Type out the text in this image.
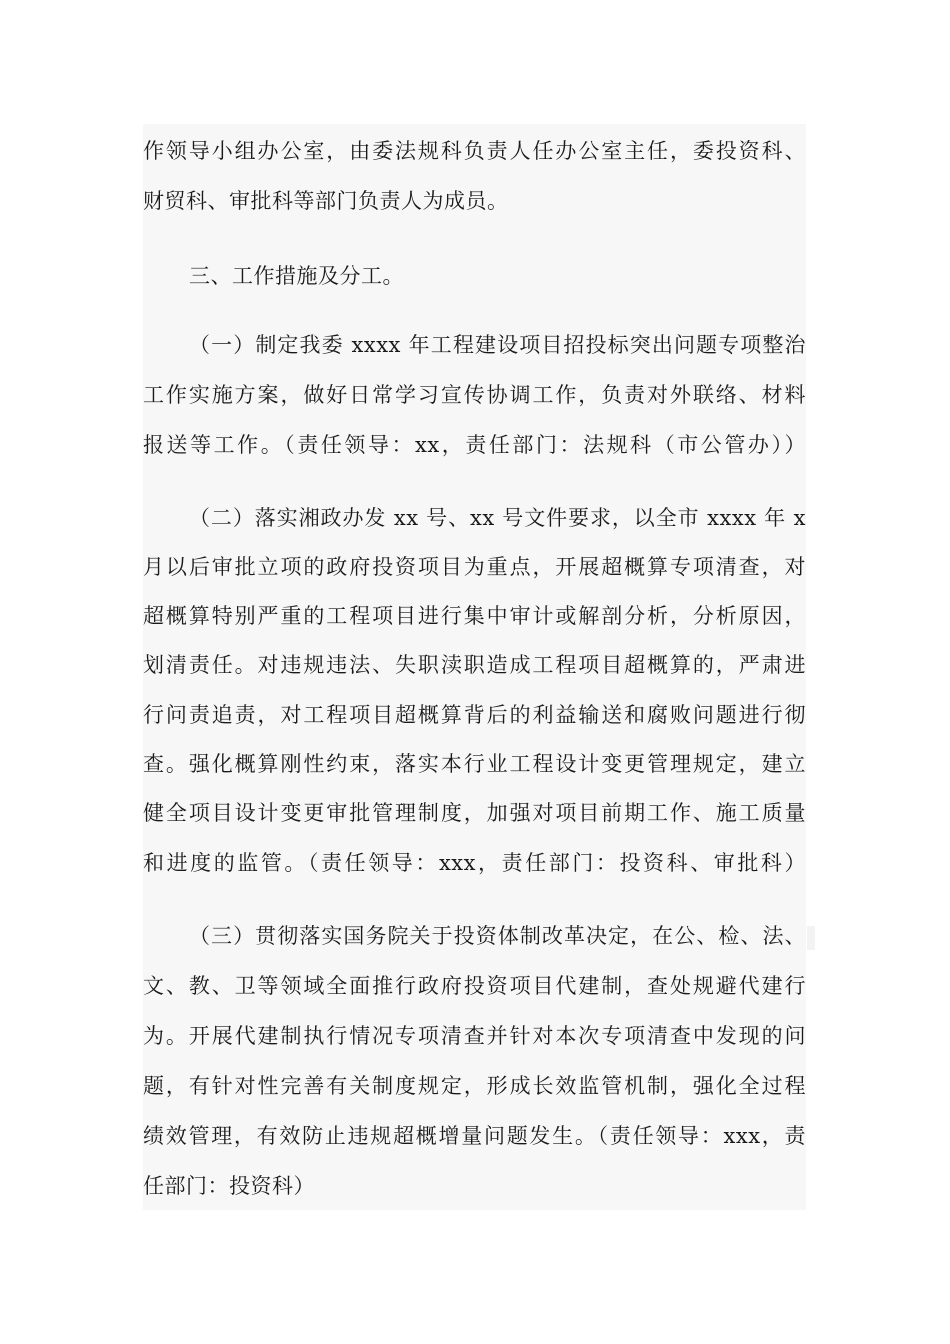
作领导小组办公室，由委法规科负责人任办公室主任，委投资科、
财贸科、审批科等部门负责人为成员。
三、工作措施及分工。
（一）制定我委 xxxx 年工程建设项目招投标突出问题专项整治
工作实施方案，做好日常学习宣传协调工作，负责对外联络、材料
报送等工作。（责任领导：xx，责任部门：法规科（市公管办））
（二）落实湘政办发 xx 号、xx 号文件要求，以全市 xxxx 年 x
月以后审批立项的政府投资项目为重点，开展超概算专项清查，对
超概算特别严重的工程项目进行集中审计或解剖分析，分析原因，
划清责任。对违规违法、失职渎职造成工程项目超概算的，严肃进
行问责追责，对工程项目超概算背后的利益输送和腐败问题进行彻
查。强化概算刚性约束，落实本行业工程设计变更管理规定，建立
健全项目设计变更审批管理制度，加强对项目前期工作、施工质量
和进度的监管。（责任领导：xxx，责任部门：投资科、审批科）
（三）贯彻落实国务院关于投资体制改革决定，在公、检、法、
文、教、卫等领域全面推行政府投资项目代建制，查处规避代建行
为。开展代建制执行情况专项清查并针对本次专项清查中发现的问
题，有针对性完善有关制度规定，形成长效监管机制，强化全过程
绩效管理，有效防止违规超概增量问题发生。（责任领导：xxx，责
任部门：投资科）
